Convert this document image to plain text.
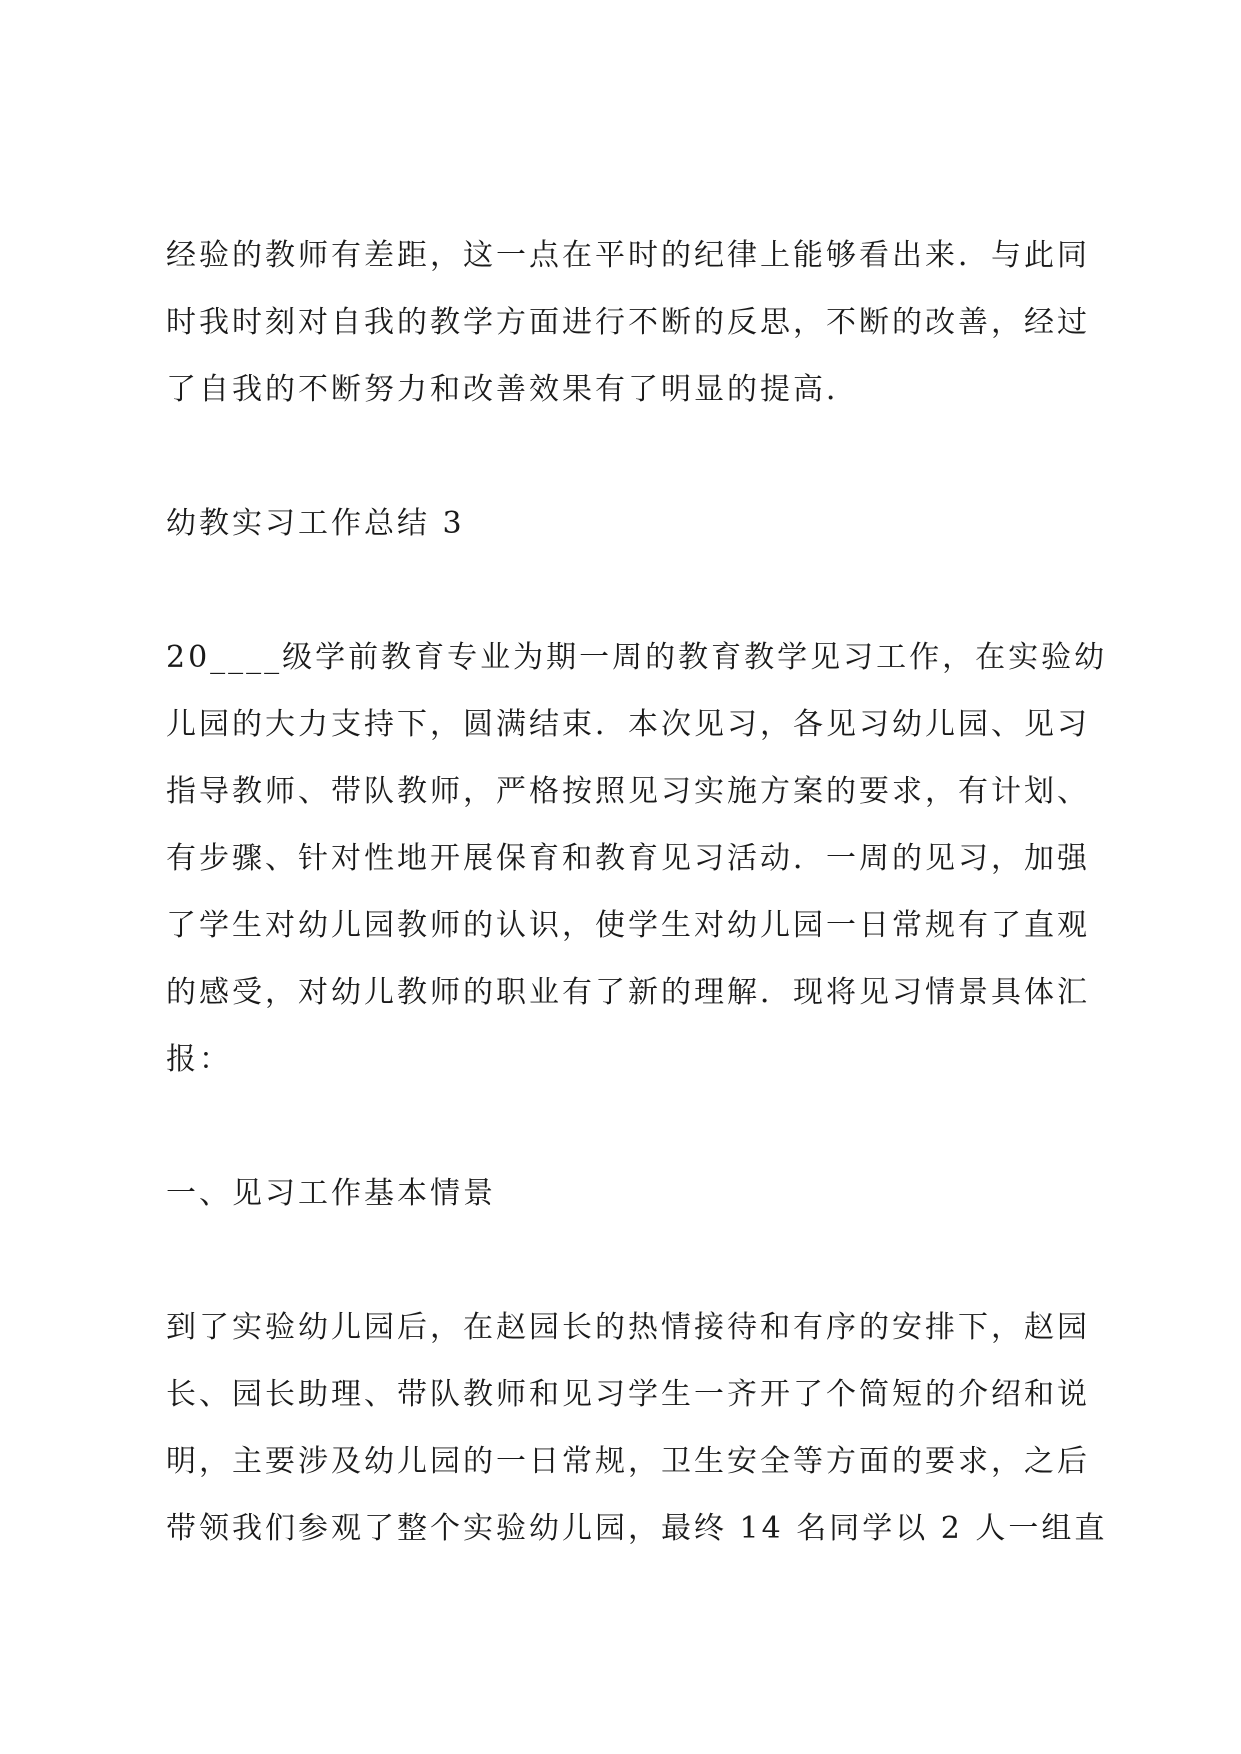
经验的教师有差距，这一点在平时的纪律上能够看出来．与此同
时我时刻对自我的教学方面进行不断的反思，不断的改善，经过
了自我的不断努力和改善效果有了明显的提高．
幼教实习工作总结 3
20____级学前教育专业为期一周的教育教学见习工作，在实验幼
儿园的大力支持下，圆满结束．本次见习，各见习幼儿园、见习
指导教师、带队教师，严格按照见习实施方案的要求，有计划、
有步骤、针对性地开展保育和教育见习活动．一周的见习，加强
了学生对幼儿园教师的认识，使学生对幼儿园一日常规有了直观
的感受，对幼儿教师的职业有了新的理解．现将见习情景具体汇
报：
一、见习工作基本情景
到了实验幼儿园后，在赵园长的热情接待和有序的安排下，赵园
长、园长助理、带队教师和见习学生一齐开了个简短的介绍和说
明，主要涉及幼儿园的一日常规，卫生安全等方面的要求，之后
带领我们参观了整个实验幼儿园，最终 14 名同学以 2 人一组直
